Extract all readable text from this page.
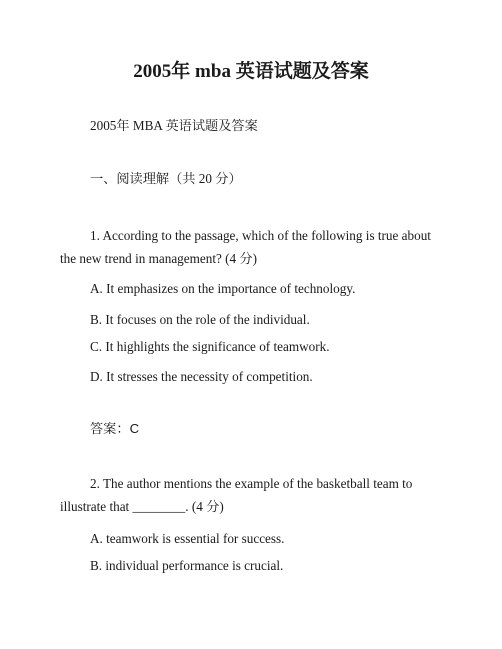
2005年 mba 英语试题及答案
2005年 MBA 英语试题及答案
一、阅读理解（共 20 分）
1. According to the passage, which of the following is true about the new trend in management? (4 分)
A. It emphasizes on the importance of technology.
B. It focuses on the role of the individual.
C. It highlights the significance of teamwork.
D. It stresses the necessity of competition.
答案：C
2. The author mentions the example of the basketball team to illustrate that ________. (4 分)
A. teamwork is essential for success.
B. individual performance is crucial.
